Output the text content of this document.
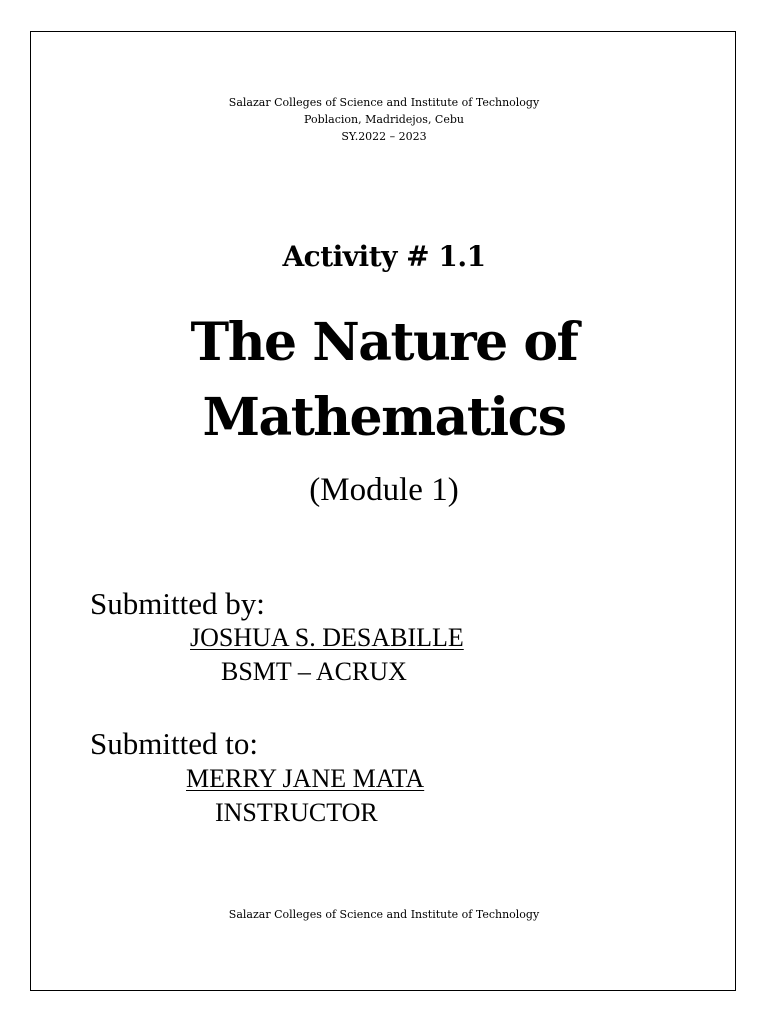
Salazar Colleges of Science and Institute of Technology
Poblacion, Madridejos, Cebu
SY.2022 – 2023
Activity # 1.1
The Nature of
Mathematics
(Module 1)
Submitted by:
JOSHUA S. DESABILLE
BSMT – ACRUX
Submitted to:
MERRY JANE MATA
INSTRUCTOR
Salazar Colleges of Science and Institute of Technology
